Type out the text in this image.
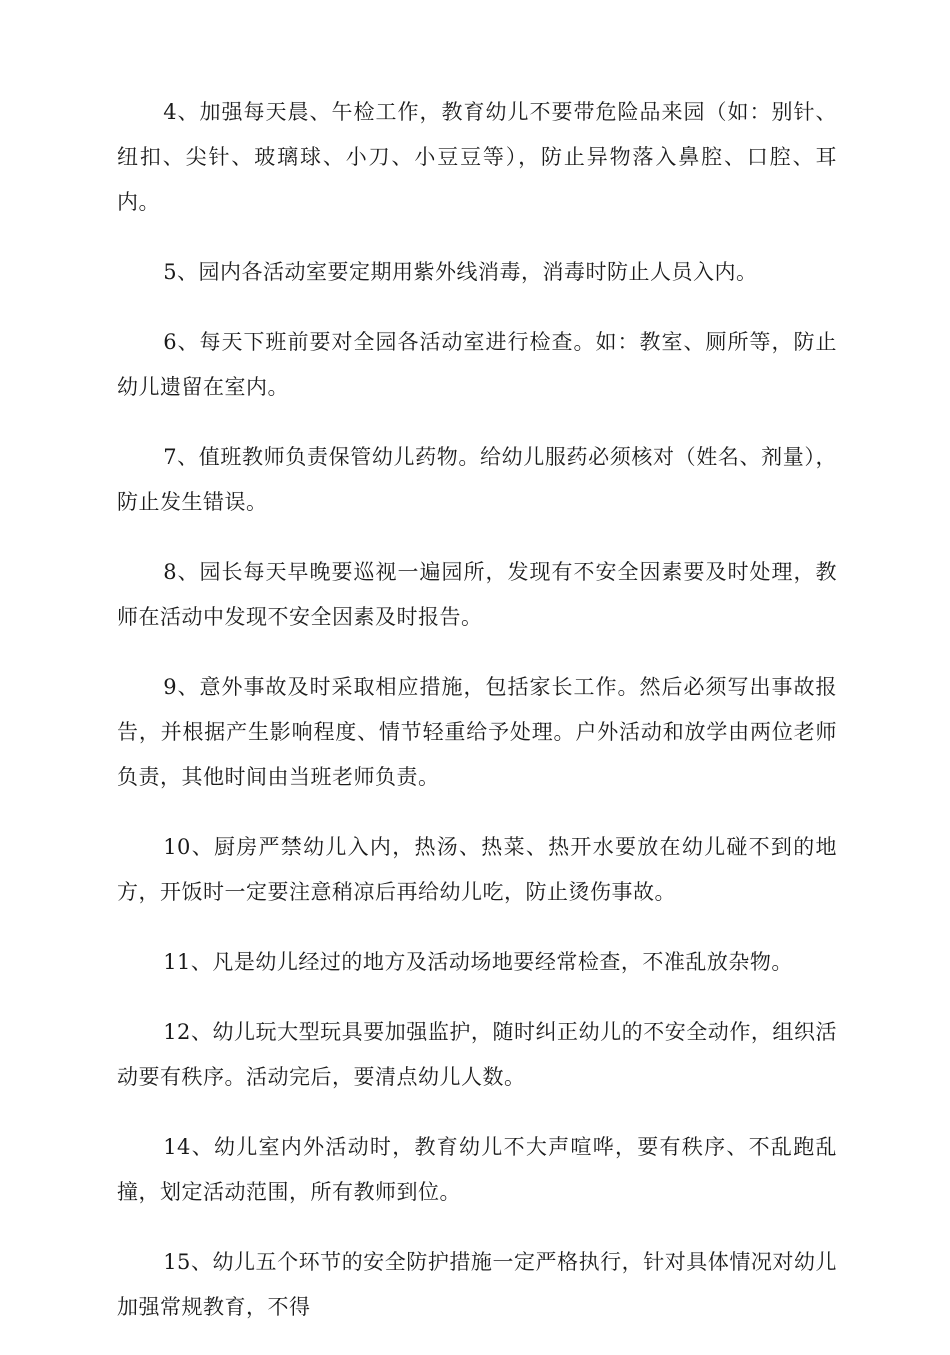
4、加强每天晨、午检工作，教育幼儿不要带危险品来园（如：别针、纽扣、尖针、玻璃球、小刀、小豆豆等），防止异物落入鼻腔、口腔、耳内。

5、园内各活动室要定期用紫外线消毒，消毒时防止人员入内。

6、每天下班前要对全园各活动室进行检查。如：教室、厕所等，防止幼儿遗留在室内。

7、值班教师负责保管幼儿药物。给幼儿服药必须核对（姓名、剂量），防止发生错误。

8、园长每天早晚要巡视一遍园所，发现有不安全因素要及时处理，教师在活动中发现不安全因素及时报告。

9、意外事故及时采取相应措施，包括家长工作。然后必须写出事故报告，并根据产生影响程度、情节轻重给予处理。户外活动和放学由两位老师负责，其他时间由当班老师负责。

10、厨房严禁幼儿入内，热汤、热菜、热开水要放在幼儿碰不到的地方，开饭时一定要注意稍凉后再给幼儿吃，防止烫伤事故。

11、凡是幼儿经过的地方及活动场地要经常检查，不准乱放杂物。

12、幼儿玩大型玩具要加强监护，随时纠正幼儿的不安全动作，组织活动要有秩序。活动完后，要清点幼儿人数。

14、幼儿室内外活动时，教育幼儿不大声喧哗，要有秩序、不乱跑乱撞，划定活动范围，所有教师到位。

15、幼儿五个环节的安全防护措施一定严格执行，针对具体情况对幼儿加强常规教育，不得
